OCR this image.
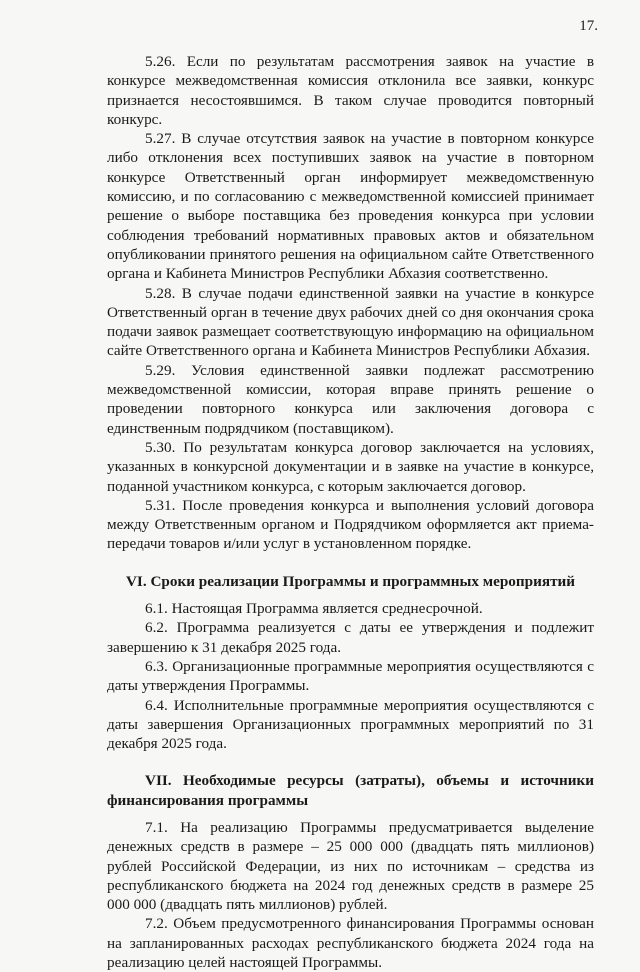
17.

5.26. Если по результатам рассмотрения заявок на участие в конкурсе межведомственная комиссия отклонила все заявки, конкурс признается несостоявшимся. В таком случае проводится повторный конкурс.

5.27. В случае отсутствия заявок на участие в повторном конкурсе либо отклонения всех поступивших заявок на участие в повторном конкурсе Ответственный орган информирует межведомственную комиссию, и по согласованию с межведомственной комиссией принимает решение о выборе поставщика без проведения конкурса при условии соблюдения требований нормативных правовых актов и обязательном опубликовании принятого решения на официальном сайте Ответственного органа и Кабинета Министров Республики Абхазия соответственно.

5.28. В случае подачи единственной заявки на участие в конкурсе Ответственный орган в течение двух рабочих дней со дня окончания срока подачи заявок размещает соответствующую информацию на официальном сайте Ответственного органа и Кабинета Министров Республики Абхазия.

5.29. Условия единственной заявки подлежат рассмотрению межведомственной комиссии, которая вправе принять решение о проведении повторного конкурса или заключения договора с единственным подрядчиком (поставщиком).

5.30. По результатам конкурса договор заключается на условиях, указанных в конкурсной документации и в заявке на участие в конкурсе, поданной участником конкурса, с которым заключается договор.

5.31. После проведения конкурса и выполнения условий договора между Ответственным органом и Подрядчиком оформляется акт приема-передачи товаров и/или услуг в установленном порядке.

VI. Сроки реализации Программы и программных мероприятий

6.1. Настоящая Программа является среднесрочной.

6.2. Программа реализуется с даты ее утверждения и подлежит завершению к 31 декабря 2025 года.

6.3. Организационные программные мероприятия осуществляются с даты утверждения Программы.

6.4. Исполнительные программные мероприятия осуществляются с даты завершения Организационных программных мероприятий по 31 декабря 2025 года.

VII. Необходимые ресурсы (затраты), объемы и источники финансирования программы

7.1. На реализацию Программы предусматривается выделение денежных средств в размере – 25 000 000 (двадцать пять миллионов) рублей Российской Федерации, из них по источникам – средства из республиканского бюджета на 2024 год денежных средств в размере 25 000 000 (двадцать пять миллионов) рублей.

7.2. Объем предусмотренного финансирования Программы основан на запланированных расходах республиканского бюджета 2024 года на реализацию целей настоящей Программы.
